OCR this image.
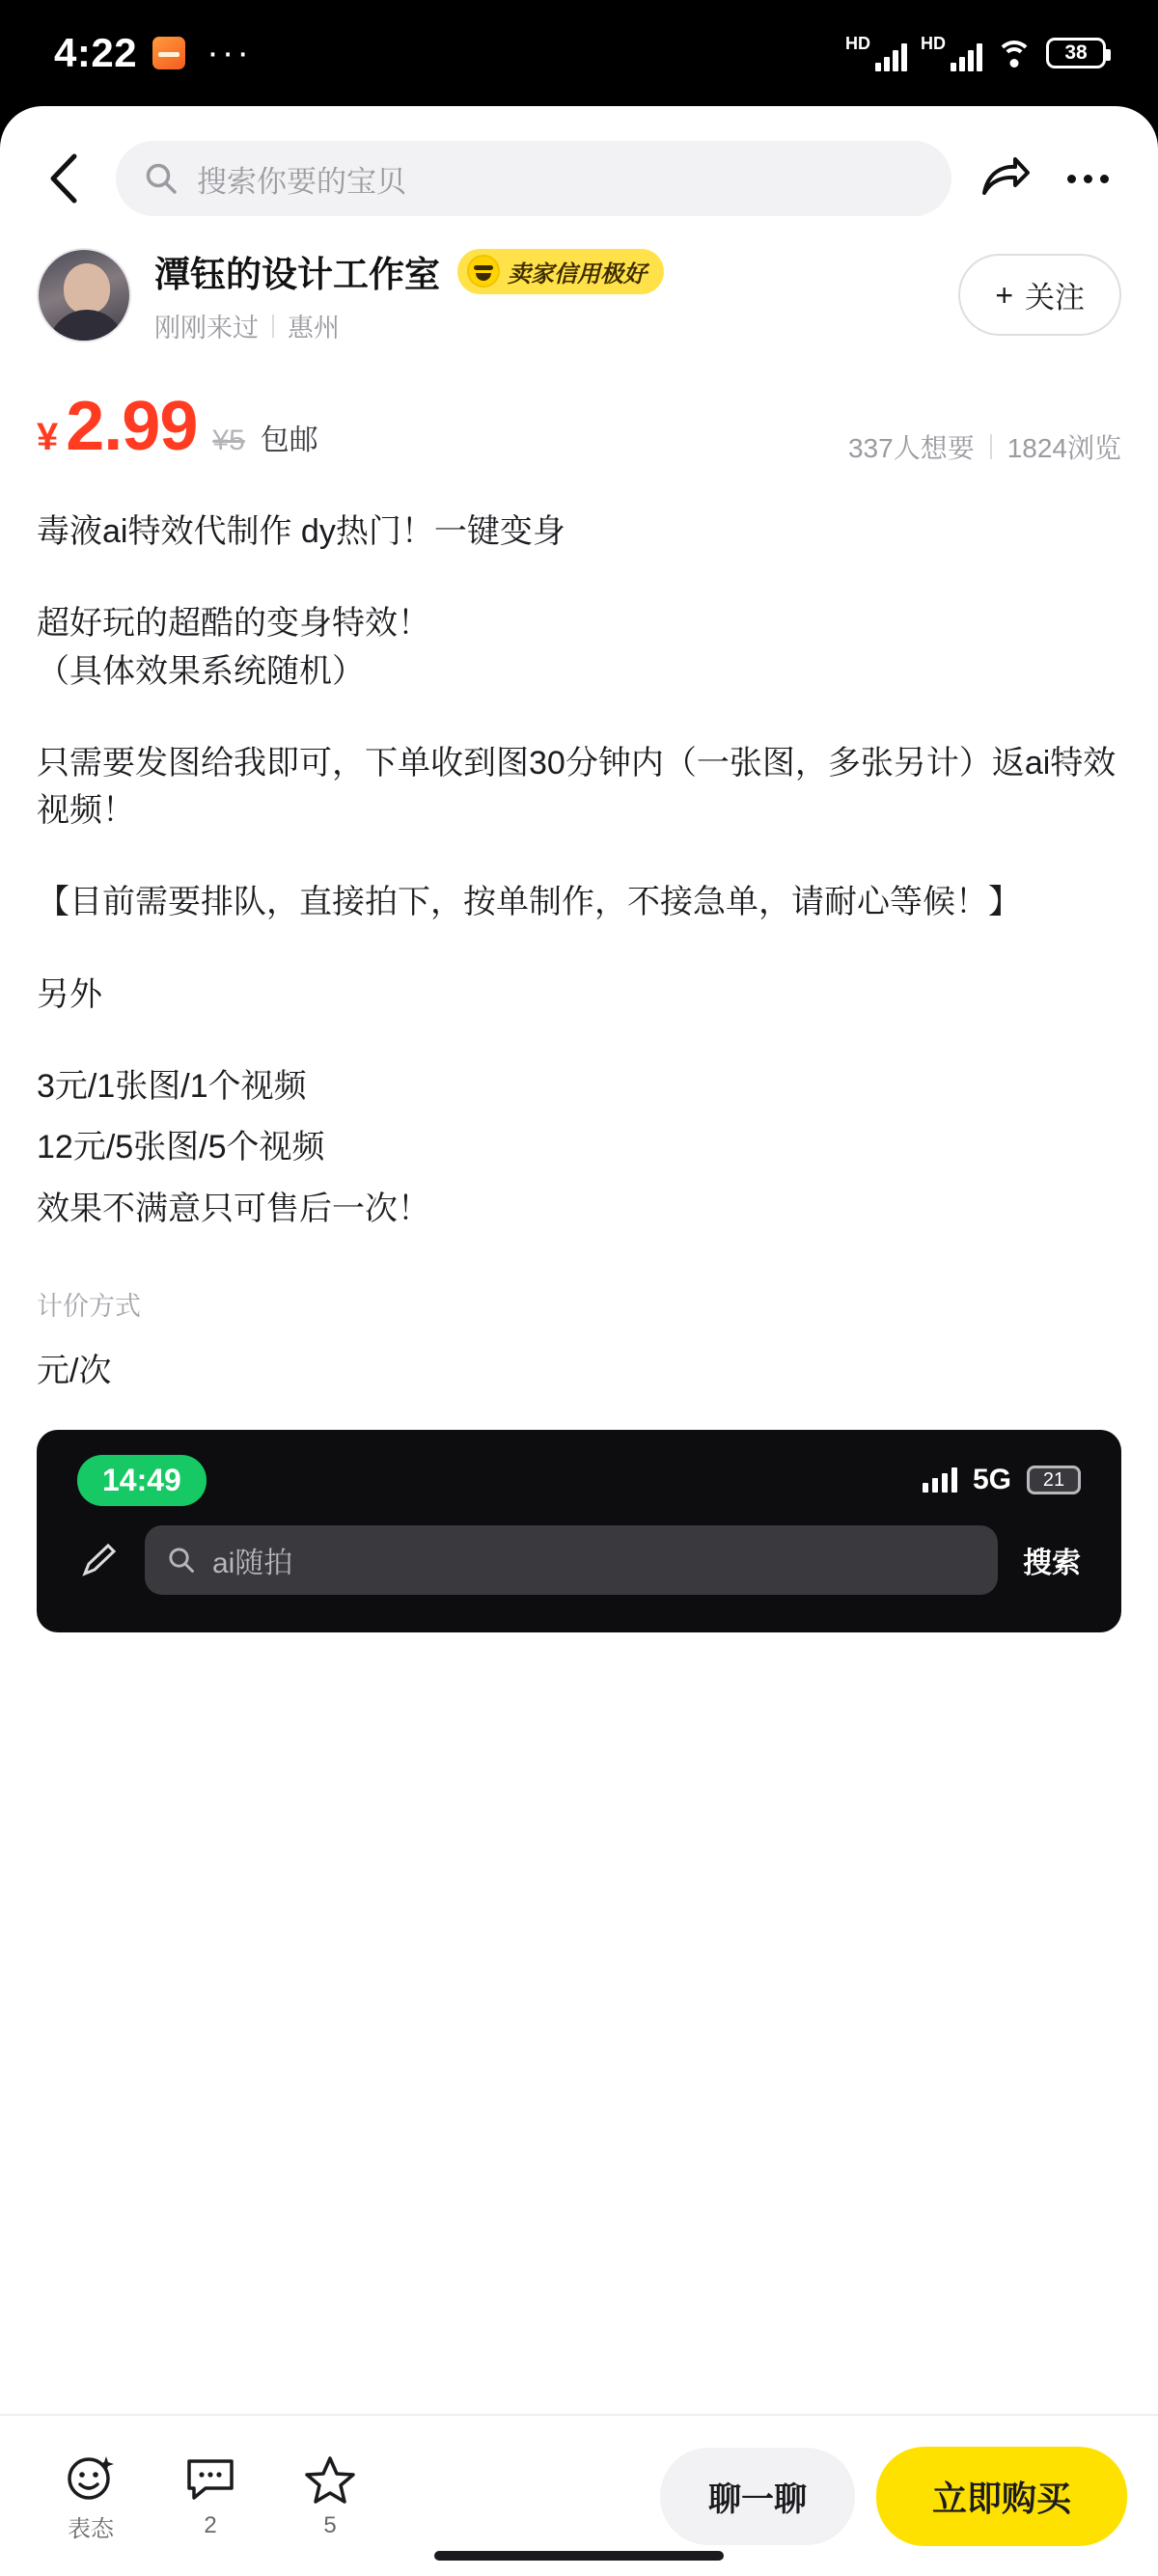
4:22 ···	HD	HD	38
搜索你要的宝贝
潭钰的设计工作室	卖家信用极好
刚刚来过 惠州
+ 关注
¥ 2.99 ¥5 包邮	337人想要 1824浏览

毒液ai特效代制作 dy热门！一键变身

超好玩的超酷的变身特效！

（具体效果系统随机）

只需要发图给我即可，下单收到图30分钟内（一张图，多张另计）返ai特效视频！

【目前需要排队，直接拍下，按单制作，不接急单，请耐心等候！】

另外

3元/1张图/1个视频
12元/5张图/5个视频
效果不满意只可售后一次！

计价方式
元/次
14:49	5G	21
ai随拍	搜索
表态	2	5
聊一聊	立即购买
